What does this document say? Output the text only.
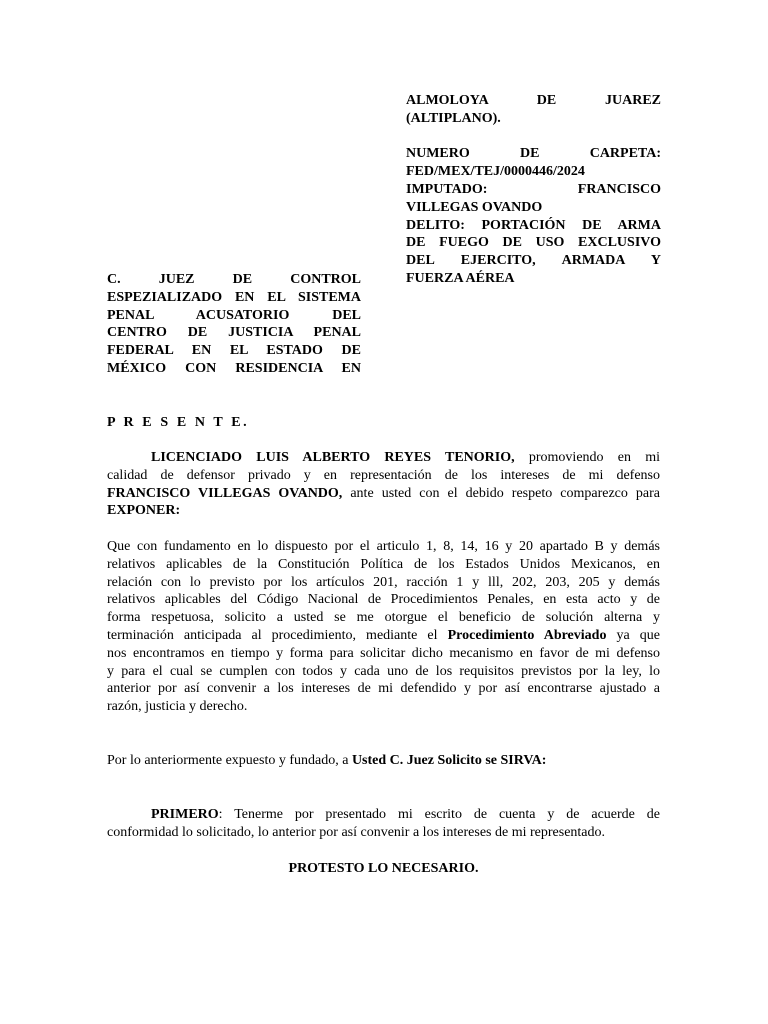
ALMOLOYA DE JUAREZ
(ALTIPLANO).
NUMERO DE CARPETA:
FED/MEX/TEJ/0000446/2024
IMPUTADO: FRANCISCO
VILLEGAS OVANDO
DELITO: PORTACIÓN DE ARMA
DE FUEGO DE USO EXCLUSIVO
DEL EJERCITO, ARMADA Y
FUERZA AÉREA
C. JUEZ DE CONTROL
ESPEZIALIZADO EN EL SISTEMA
PENAL ACUSATORIO DEL
CENTRO DE JUSTICIA PENAL
FEDERAL EN EL ESTADO DE
MÉXICO CON RESIDENCIA EN
P R E S E N T E.
LICENCIADO LUIS ALBERTO REYES TENORIO, promoviendo en mi
calidad de defensor privado y en representación de los intereses de mi defenso
FRANCISCO VILLEGAS OVANDO, ante usted con el debido respeto comparezco para
EXPONER:
Que con fundamento en lo dispuesto por el articulo 1, 8, 14, 16 y 20 apartado B y demás
relativos aplicables de la Constitución Política de los Estados Unidos Mexicanos, en
relación con lo previsto por los artículos 201, racción 1 y lll, 202, 203, 205 y demás
relativos aplicables del Código Nacional de Procedimientos Penales, en esta acto y de
forma respetuosa, solicito a usted se me otorgue el beneficio de solución alterna y
terminación anticipada al procedimiento, mediante el Procedimiento Abreviado ya que
nos encontramos en tiempo y forma para solicitar dicho mecanismo en favor de mi defenso
y para el cual se cumplen con todos y cada uno de los requisitos previstos por la ley, lo
anterior por así convenir a los intereses de mi defendido y por así encontrarse ajustado a
razón, justicia y derecho.
Por lo anteriormente expuesto y fundado, a Usted C. Juez Solicito se SIRVA:
PRIMERO: Tenerme por presentado mi escrito de cuenta y de acuerde de
conformidad lo solicitado, lo anterior por así convenir a los intereses de mi representado.
PROTESTO LO NECESARIO.
